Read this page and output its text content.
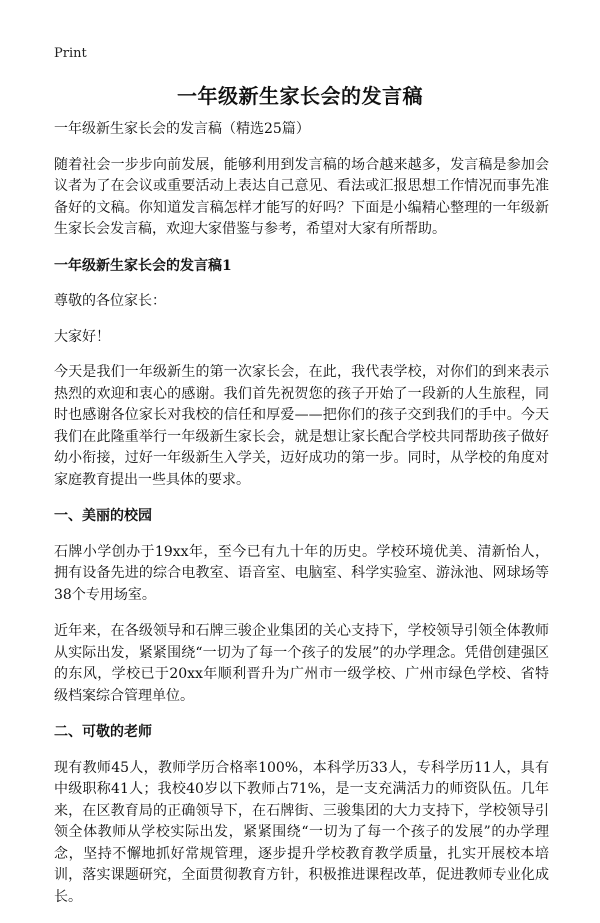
Print
一年级新生家长会的发言稿

一年级新生家长会的发言稿（精选25篇）

随着社会一步步向前发展，能够利用到发言稿的场合越来越多，发言稿是参加会议者为了在会议或重要活动上表达自己意见、看法或汇报思想工作情况而事先准备好的文稿。你知道发言稿怎样才能写的好吗？下面是小编精心整理的一年级新生家长会发言稿，欢迎大家借鉴与参考，希望对大家有所帮助。

一年级新生家长会的发言稿1

尊敬的各位家长：

大家好！

今天是我们一年级新生的第一次家长会，在此，我代表学校，对你们的到来表示热烈的欢迎和衷心的感谢。我们首先祝贺您的孩子开始了一段新的人生旅程，同时也感谢各位家长对我校的信任和厚爱——把你们的孩子交到我们的手中。今天我们在此隆重举行一年级新生家长会，就是想让家长配合学校共同帮助孩子做好幼小衔接，过好一年级新生入学关，迈好成功的第一步。同时，从学校的角度对家庭教育提出一些具体的要求。

一、美丽的校园

石牌小学创办于19xx年，至今已有九十年的历史。学校环境优美、清新怡人，拥有设备先进的综合电教室、语音室、电脑室、科学实验室、游泳池、网球场等38个专用场室。

近年来，在各级领导和石牌三骏企业集团的关心支持下，学校领导引领全体教师从实际出发，紧紧围绕“一切为了每一个孩子的发展”的办学理念。凭借创建强区的东风，学校已于20xx年顺利晋升为广州市一级学校、广州市绿色学校、省特级档案综合管理单位。

二、可敬的老师

现有教师45人，教师学历合格率100%，本科学历33人，专科学历11人，具有中级职称41人；我校40岁以下教师占71%，是一支充满活力的师资队伍。几年来，在区教育局的正确领导下，在石牌街、三骏集团的大力支持下，学校领导引领全体教师从学校实际出发，紧紧围绕“一切为了每一个孩子的发展”的办学理念，坚持不懈地抓好常规管理，逐步提升学校教育教学质量，扎实开展校本培训，落实课题研究，全面贯彻教育方针，积极推进课程改革，促进教师专业化成长。
